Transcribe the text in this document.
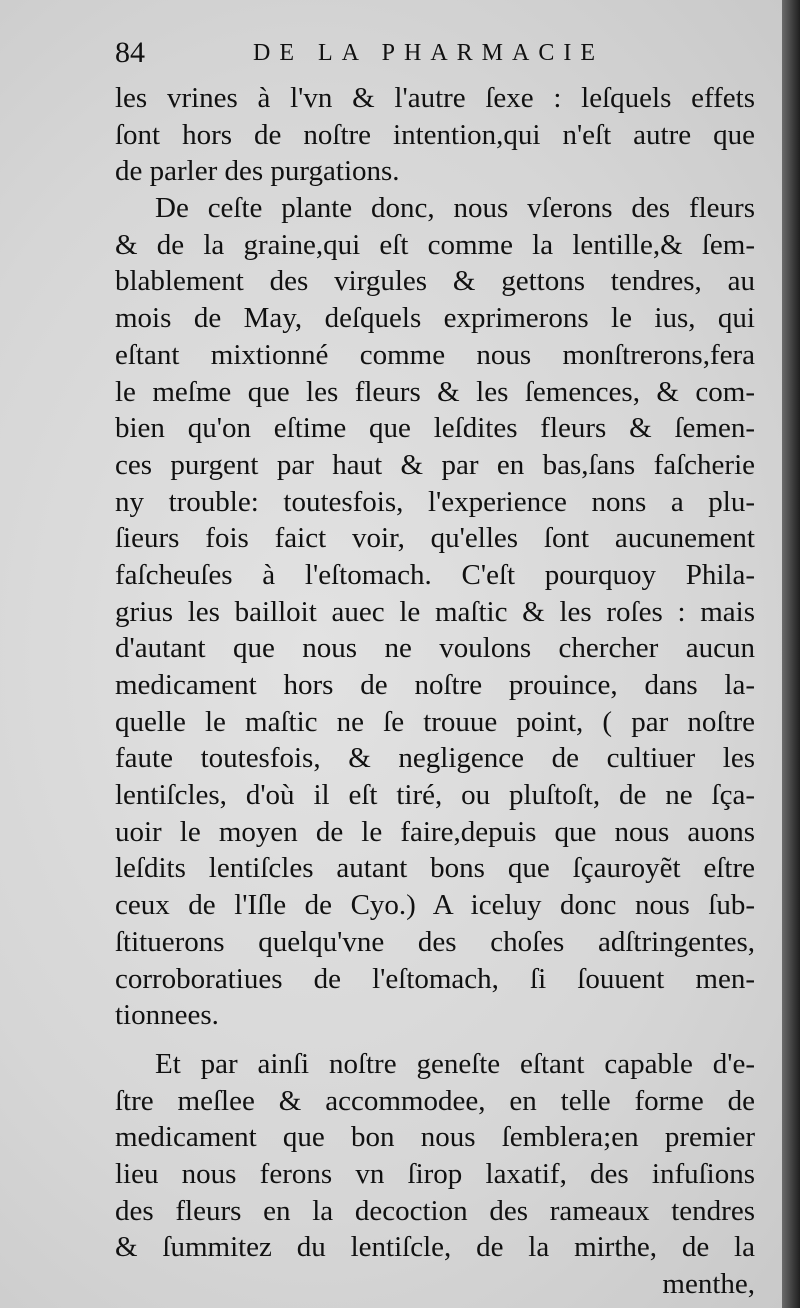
84	DE LA PHARMACIE
les vrines à l'vn & l'autre ſexe : leſquels effets
ſont hors de noſtre intention,qui n'eſt autre que
de parler des purgations.
De ceſte plante donc, nous vſerons des fleurs
& de la graine,qui eſt comme la lentille,& ſem-
blablement des virgules & gettons tendres, au
mois de May, deſquels exprimerons le ius, qui
eſtant mixtionné comme nous monſtrerons,fera
le meſme que les fleurs & les ſemences, & com-
bien qu'on eſtime que leſdites fleurs & ſemen-
ces purgent par haut & par en bas,ſans faſcherie
ny trouble: toutesfois, l'experience nons a plu-
ſieurs fois faict voir, qu'elles ſont aucunement
faſcheuſes à l'eſtomach. C'eſt pourquoy Phila-
grius les bailloit auec le maſtic & les roſes : mais
d'autant que nous ne voulons chercher aucun
medicament hors de noſtre prouince, dans la-
quelle le maſtic ne ſe trouue point, ( par noſtre
faute toutesfois, & negligence de cultiuer les
lentiſcles, d'où il eſt tiré, ou pluſtoſt, de ne ſça-
uoir le moyen de le faire,depuis que nous auons
leſdits lentiſcles autant bons que ſçauroyẽt eſtre
ceux de l'Iſle de Cyo.) A iceluy donc nous ſub-
ſtituerons quelqu'vne des choſes adſtringentes,
corroboratiues de l'eſtomach, ſi ſouuent men-
tionnees.
Et par ainſi noſtre geneſte eſtant capable d'e-
ſtre meſlee & accommodee, en telle forme de
medicament que bon nous ſemblera;en premier
lieu nous ferons vn ſirop laxatif, des infuſions
des fleurs en la decoction des rameaux tendres
& ſummitez du lentiſcle, de la mirthe, de la
menthe,
